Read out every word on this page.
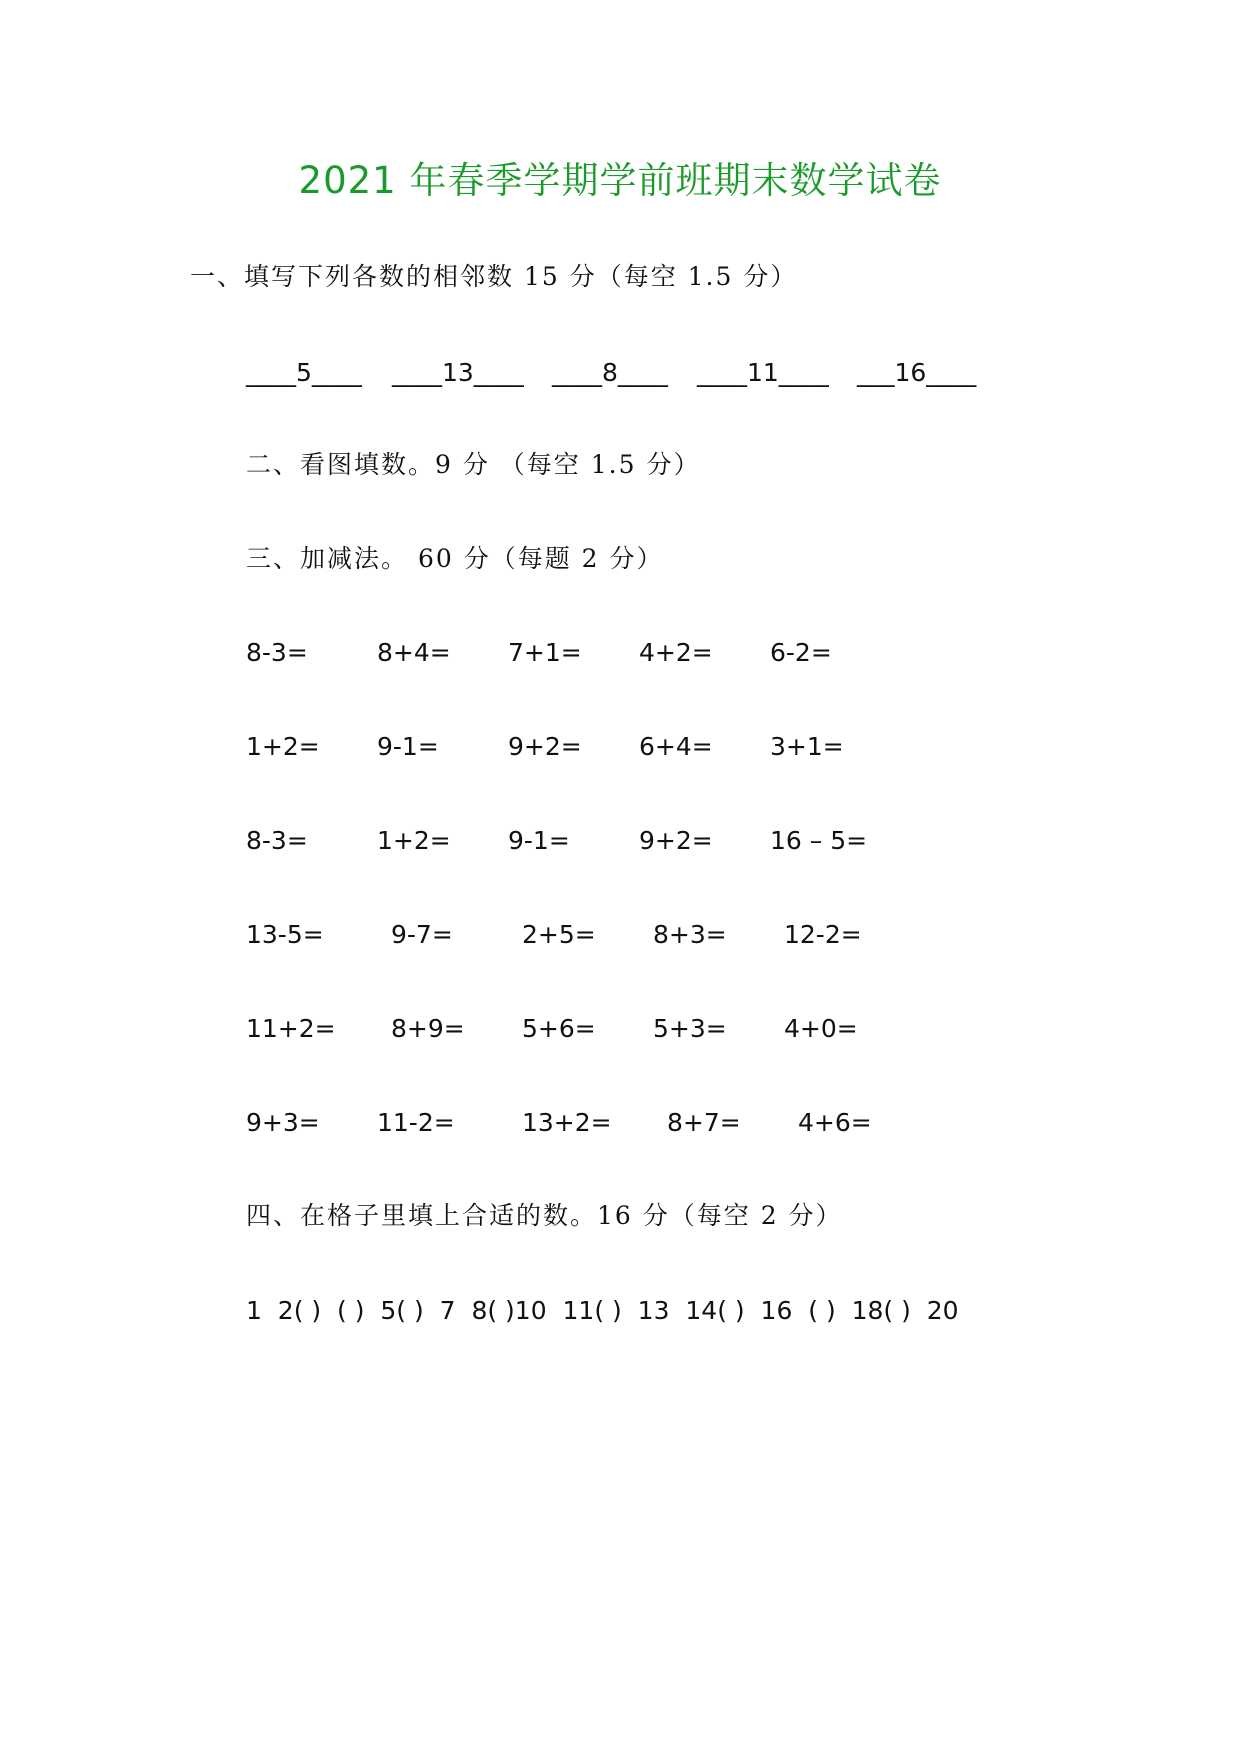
2021 年春季学期学前班期末数学试卷
一、填写下列各数的相邻数 15 分（每空 1.5 分）
____5____ ____13____ ____8____ ____11____ ___16____
二、看图填数。9 分 （每空 1.5 分）
三、加减法。 60 分（每题 2 分）
8-3=	8+4= 7+1= 4+2= 6-2=
1+2= 9-1=	9+2= 6+4= 3+1=
8-3=	1+2= 9-1=	9+2= 16 – 5=
13-5=	9-7=	2+5= 8+3= 12-2=
11+2= 8+9= 5+6= 5+3= 4+0=
9+3= 11-2=	13+2= 8+7= 4+6=
四、在格子里填上合适的数。16 分（每空 2 分）
1  2( )  ( )  5( )  7  8( )10  11( )  13  14( )  16  ( )  18( )  20
